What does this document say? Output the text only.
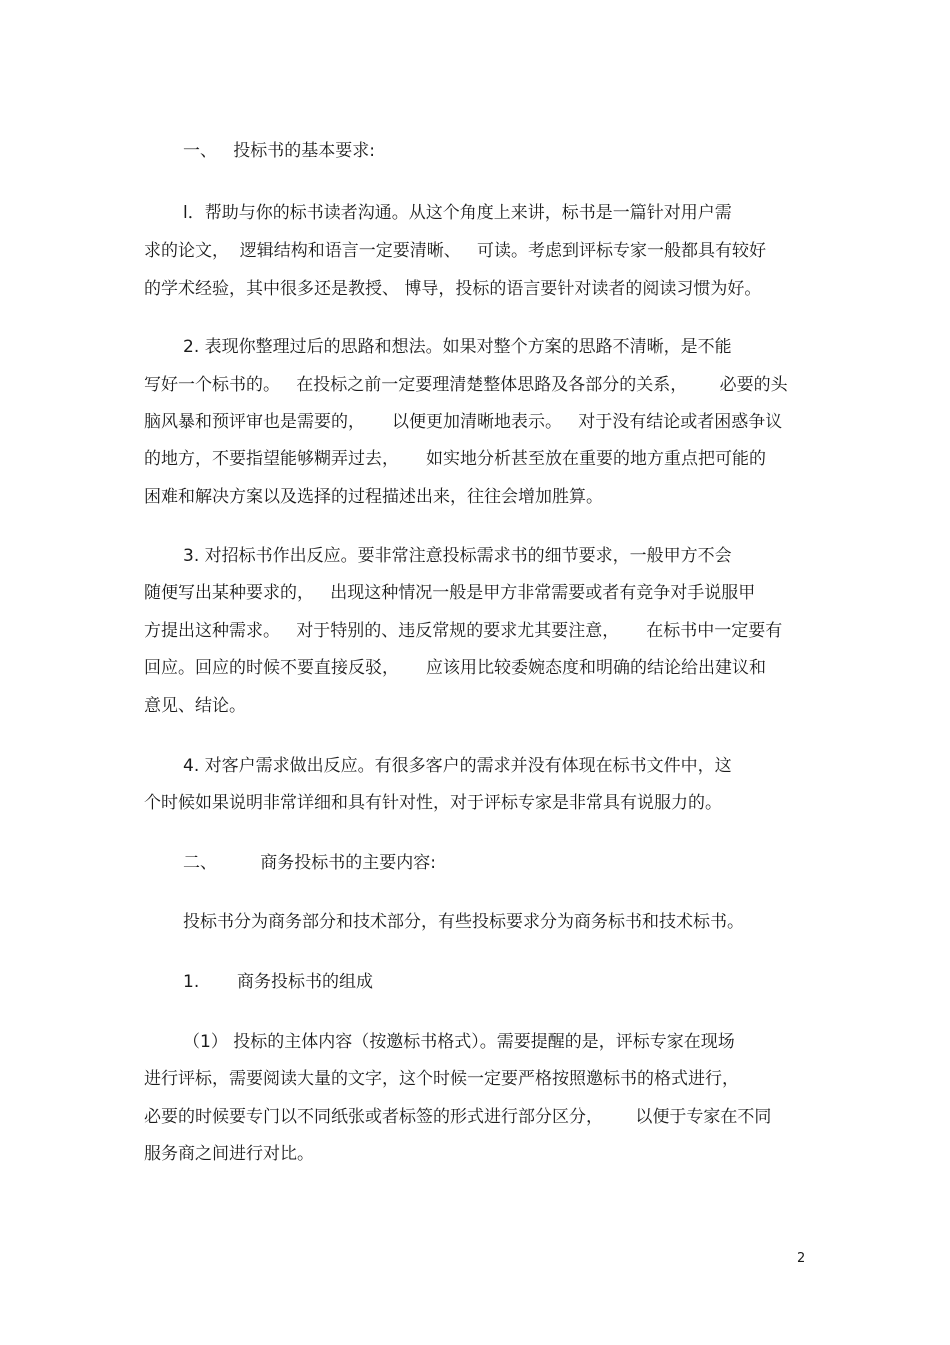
一、   投标书的基本要求:
l．帮助与你的标书读者沟通。从这个角度上来讲，标书是一篇针对用户需
求的论文，  逻辑结构和语言一定要清晰、   可读。考虑到评标专家一般都具有较好
的学术经验，其中很多还是教授、 博导，投标的语言要针对读者的阅读习惯为好。
2. 表现你整理过后的思路和想法。如果对整个方案的思路不清晰，是不能
写好一个标书的。   在投标之前一定要理清楚整体思路及各部分的关系，      必要的头
脑风暴和预评审也是需要的，     以便更加清晰地表示。   对于没有结论或者困惑争议
的地方，不要指望能够糊弄过去，     如实地分析甚至放在重要的地方重点把可能的
困难和解决方案以及选择的过程描述出来，往往会增加胜算。
3. 对招标书作出反应。要非常注意投标需求书的细节要求，一般甲方不会
随便写出某种要求的，   出现这种情况一般是甲方非常需要或者有竞争对手说服甲
方提出这种需求。   对于特别的、违反常规的要求尤其要注意，     在标书中一定要有
回应。回应的时候不要直接反驳，     应该用比较委婉态度和明确的结论给出建议和
意见、结论。
4. 对客户需求做出反应。有很多客户的需求并没有体现在标书文件中，这
个时候如果说明非常详细和具有针对性，对于评标专家是非常具有说服力的。
二、        商务投标书的主要内容:
投标书分为商务部分和技术部分，有些投标要求分为商务标书和技术标书。
1.       商务投标书的组成
（1） 投标的主体内容（按邀标书格式）。需要提醒的是，评标专家在现场
进行评标，需要阅读大量的文字，这个时候一定要严格按照邀标书的格式进行，
必要的时候要专门以不同纸张或者标签的形式进行部分区分，      以便于专家在不同
服务商之间进行对比。
2
